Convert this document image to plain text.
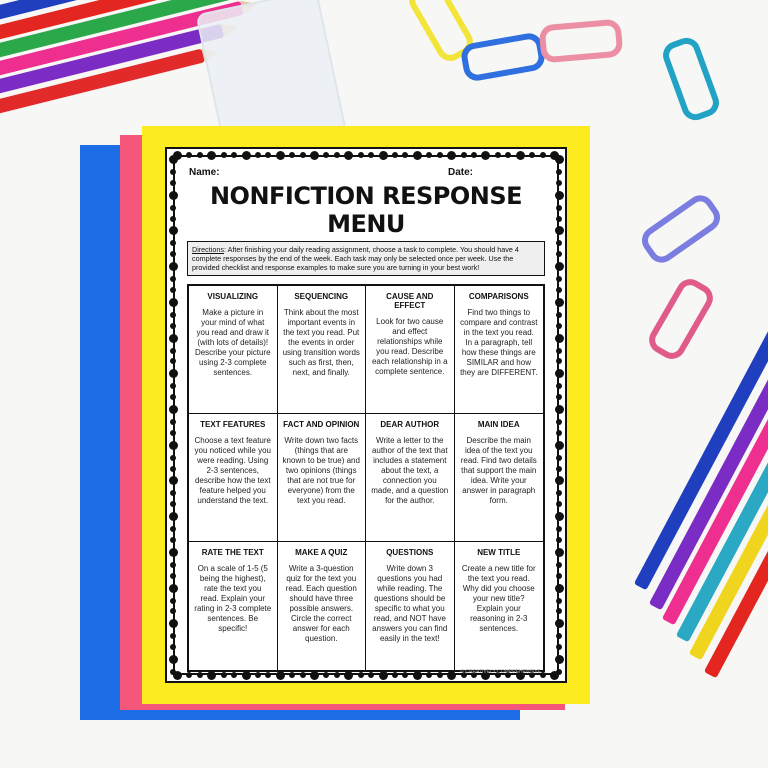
Name:	Date:
NONFICTION RESPONSE MENU
Directions: After finishing your daily reading assignment, choose a task to complete. You should have 4 complete responses by the end of the week. Each task may only be selected once per week. Use the provided checklist and response examples to make sure you are turning in your best work!
VISUALIZING
Make a picture in your mind of what you read and draw it (with lots of details)! Describe your picture using 2-3 complete sentences.
SEQUENCING
Think about the most important events in the text you read. Put the events in order using transition words such as first, then, next, and finally.
CAUSE AND EFFECT
Look for two cause and effect relationships while you read. Describe each relationship in a complete sentence.
COMPARISONS
Find two things to compare and contrast in the text you read. In a paragraph, tell how these things are SIMILAR and how they are DIFFERENT.
TEXT FEATURES
Choose a text feature you noticed while you were reading. Using 2-3 sentences, describe how the text feature helped you understand the text.
FACT AND OPINION
Write down two facts (things that are known to be true) and two opinions (things that are not true for everyone) from the text you read.
DEAR AUTHOR
Write a letter to the author of the text that includes a statement about the text, a connection you made, and a question for the author.
MAIN IDEA
Describe the main idea of the text you read. Find two details that support the main idea. Write your answer in paragraph form.
RATE THE TEXT
On a scale of 1-5 (5 being the highest), rate the text you read. Explain your rating in 2-3 complete sentences. Be specific!
MAKE A QUIZ
Write a 3-question quiz for the text you read. Each question should have three possible answers. Circle the correct answer for each question.
QUESTIONS
Write down 3 questions you had while reading. The questions should be specific to what you read, and NOT have answers you can find easily in the text!
NEW TITLE
Create a new title for the text you read. Why did you choose your new title? Explain your reasoning in 2-3 sentences.
© CREATIVELY COMPREHENSIVE
